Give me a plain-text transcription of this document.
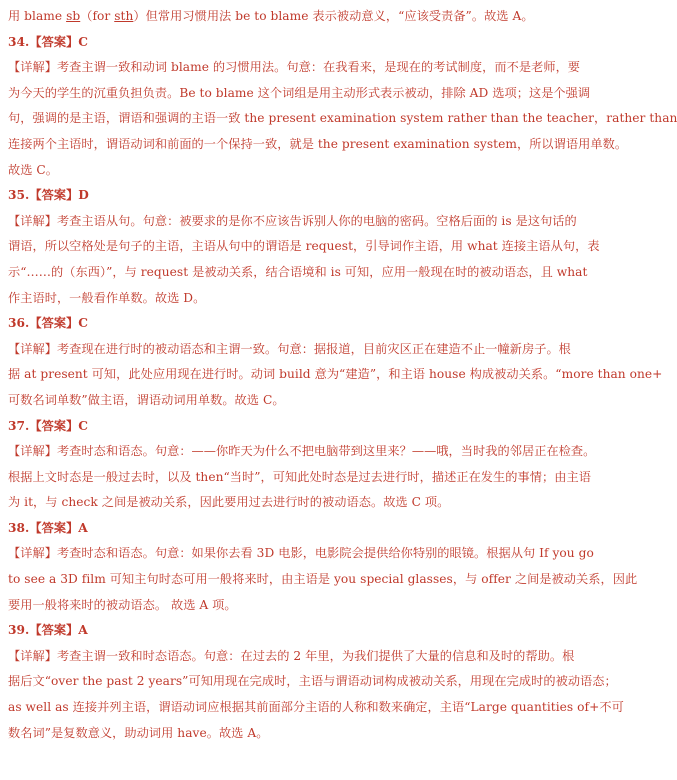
用 blame sb（for sth）但常用习惯用法 be to blame 表示被动意义，“应该受责备”。故选 A。
34.【答案】C
【详解】考查主谓一致和动词 blame 的习惯用法。句意：在我看来，是现在的考试制度，而不是老师，要
为今天的学生的沉重负担负责。Be to blame 这个词组是用主动形式表示被动，排除 AD 选项；这是个强调
句，强调的是主语，谓语和强调的主语一致 the present examination system rather than the teacher，rather than
连接两个主语时，谓语动词和前面的一个保持一致，就是 the present examination system，所以谓语用单数。
故选 C。
35.【答案】D
【详解】考查主语从句。句意：被要求的是你不应该告诉别人你的电脑的密码。空格后面的 is 是这句话的
谓语，所以空格处是句子的主语，主语从句中的谓语是 request，引导词作主语，用 what 连接主语从句，表
示“……的（东西）”，与 request 是被动关系，结合语境和 is 可知，应用一般现在时的被动语态，且 what
作主语时，一般看作单数。故选 D。
36.【答案】C
【详解】考查现在进行时的被动语态和主谓一致。句意：据报道，目前灾区正在建造不止一幢新房子。根
据 at present 可知，此处应用现在进行时。动词 build 意为“建造”，和主语 house 构成被动关系。“more than one+
可数名词单数”做主语，谓语动词用单数。故选 C。
37.【答案】C
【详解】考查时态和语态。句意：——你昨天为什么不把电脑带到这里来？——哦，当时我的邻居正在检查。
根据上文时态是一般过去时，以及 then“当时”，可知此处时态是过去进行时，描述正在发生的事情；由主语
为 it，与 check 之间是被动关系，因此要用过去进行时的被动语态。故选 C 项。
38.【答案】A
【详解】考查时态和语态。句意：如果你去看 3D 电影，电影院会提供给你特别的眼镜。根据从句 If you go
to see a 3D film 可知主句时态可用一般将来时，由主语是 you special glasses，与 offer 之间是被动关系，因此
要用一般将来时的被动语态。 故选 A 项。
39.【答案】A
【详解】考查主谓一致和时态语态。句意：在过去的 2 年里，为我们提供了大量的信息和及时的帮助。根
据后文“over the past 2 years”可知用现在完成时，主语与谓语动词构成被动关系，用现在完成时的被动语态；
as well as 连接并列主语，谓语动词应根据其前面部分主语的人称和数来确定，主语“Large quantities of+不可
数名词”是复数意义，助动词用 have。故选 A。
